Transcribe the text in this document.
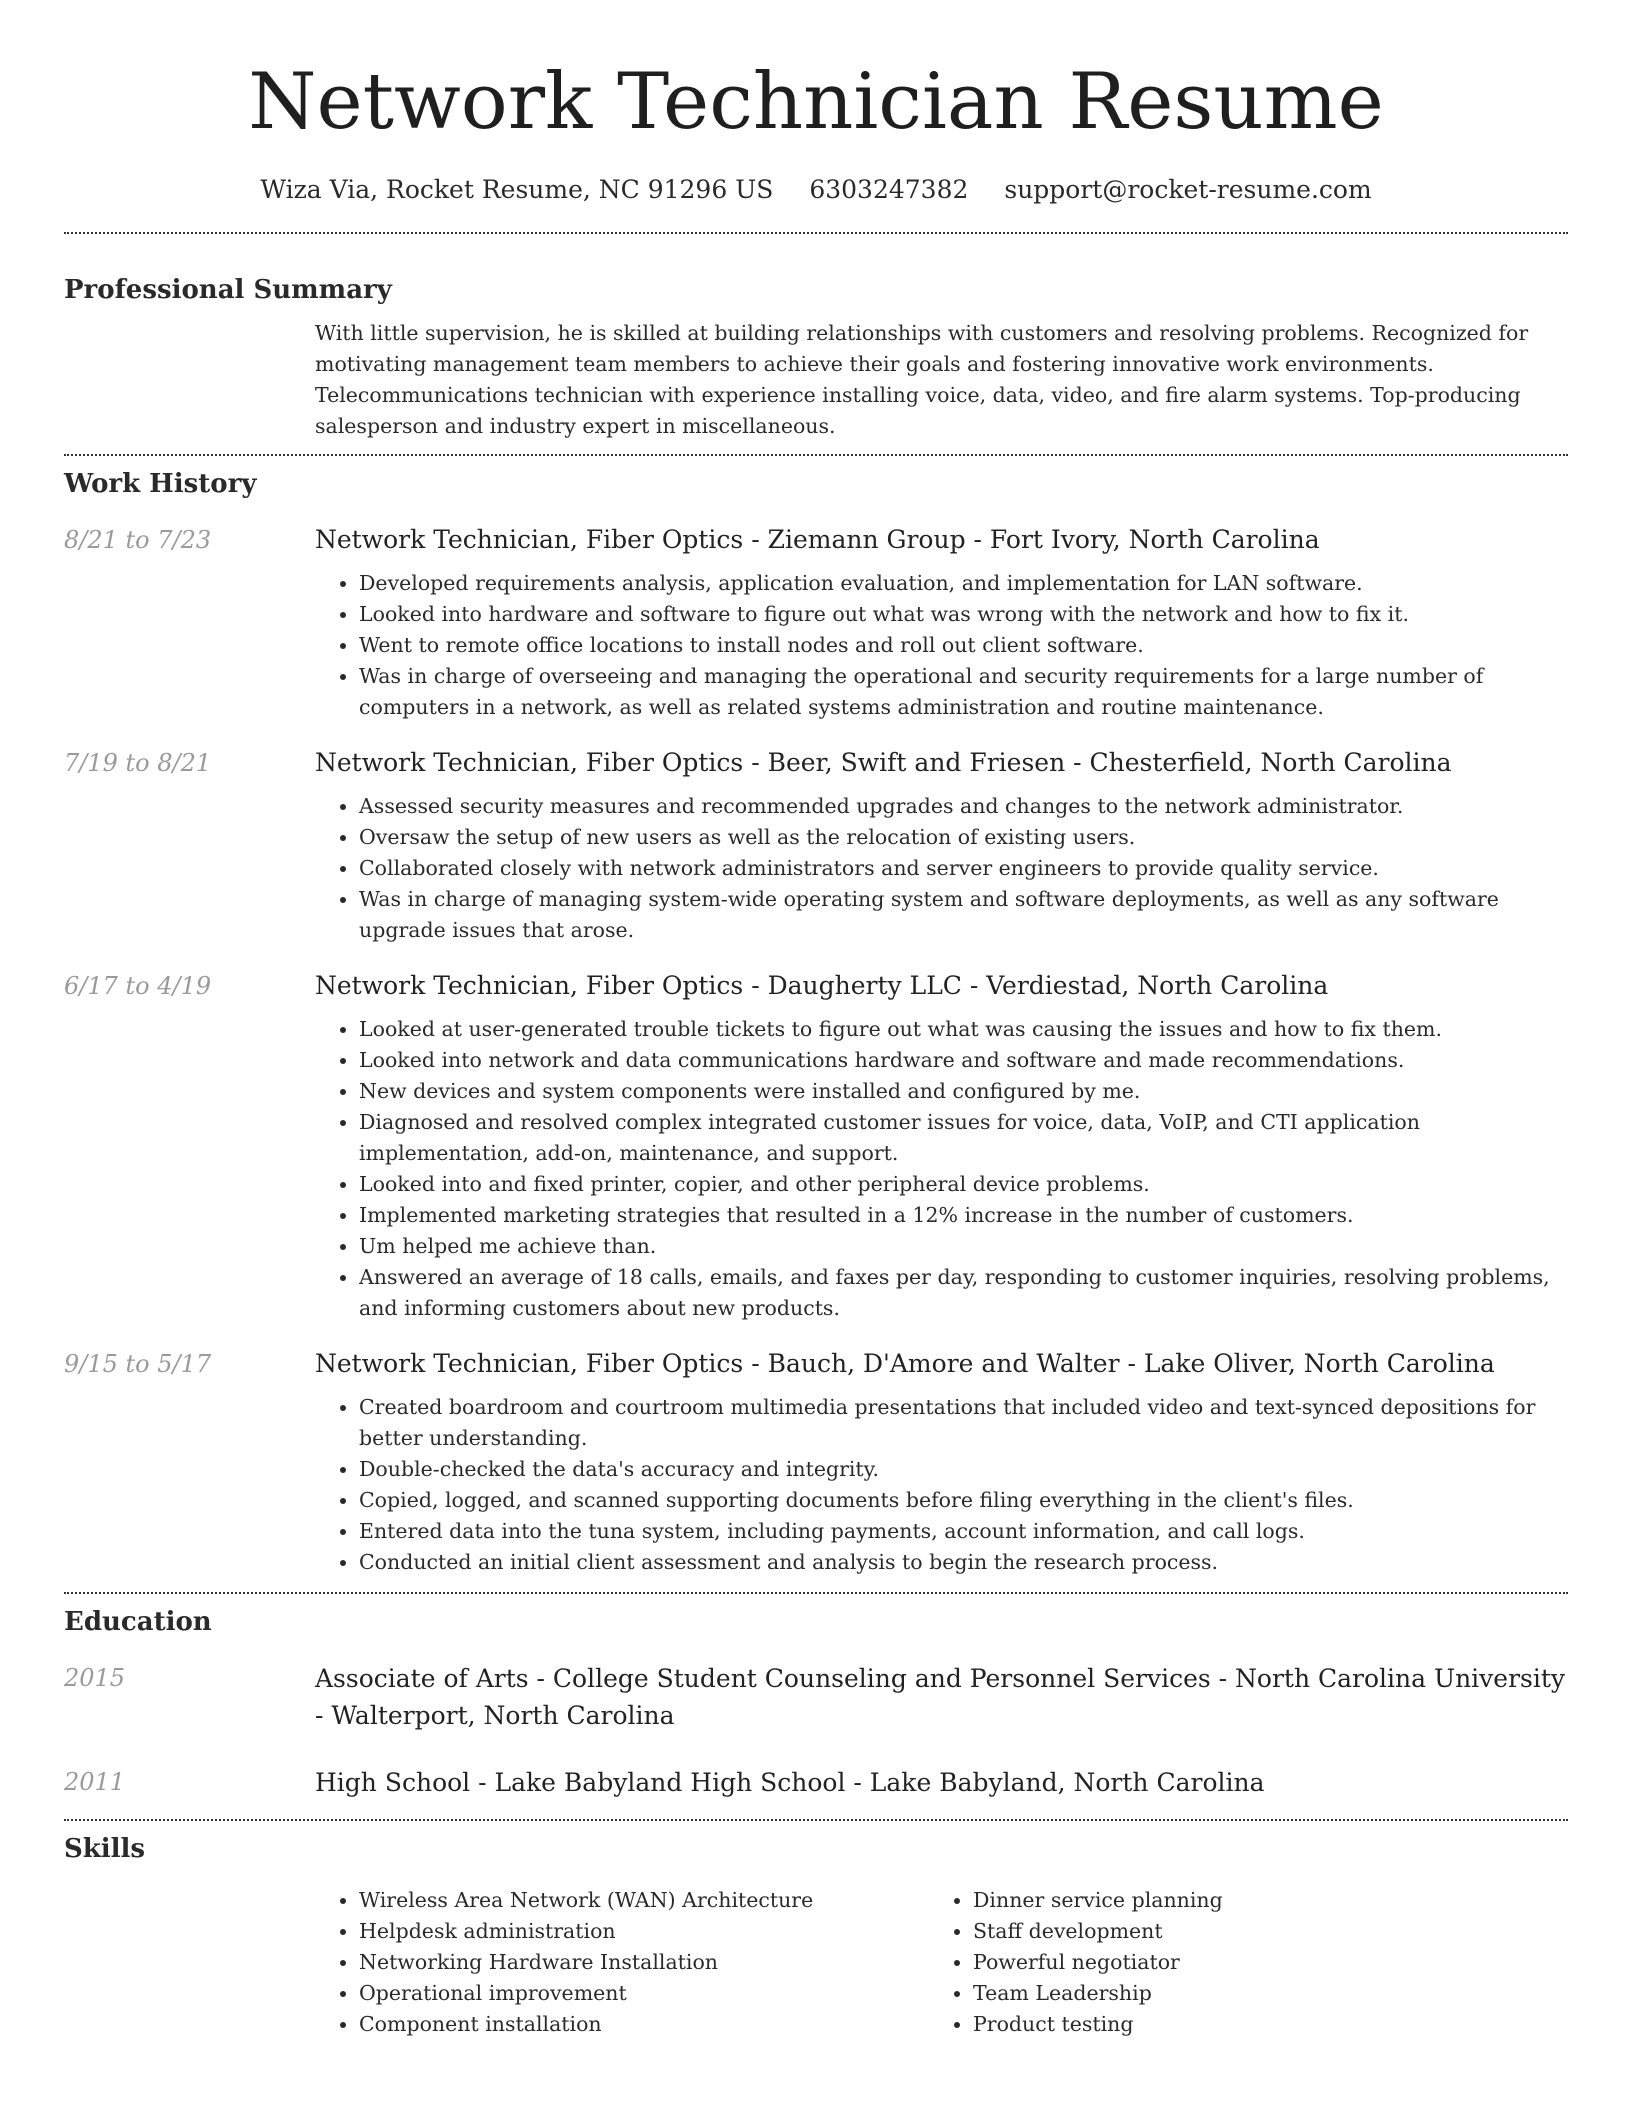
Network Technician Resume
Wiza Via, Rocket Resume, NC 91296 US 6303247382 support@rocket-resume.com
Professional Summary

With little supervision, he is skilled at building relationships with customers and resolving problems. Recognized for motivating management team members to achieve their goals and fostering innovative work environments. Telecommunications technician with experience installing voice, data, video, and fire alarm systems. Top-producing salesperson and industry expert in miscellaneous.

Work History
8/21 to 7/23	Network Technician, Fiber Optics - Ziemann Group - Fort Ivory, North Carolina

• Developed requirements analysis, application evaluation, and implementation for LAN software.
• Looked into hardware and software to figure out what was wrong with the network and how to fix it.
• Went to remote office locations to install nodes and roll out client software.
• Was in charge of overseeing and managing the operational and security requirements for a large number of computers in a network, as well as related systems administration and routine maintenance.
7/19 to 8/21	Network Technician, Fiber Optics - Beer, Swift and Friesen - Chesterfield, North Carolina

• Assessed security measures and recommended upgrades and changes to the network administrator.
• Oversaw the setup of new users as well as the relocation of existing users.
• Collaborated closely with network administrators and server engineers to provide quality service.
• Was in charge of managing system-wide operating system and software deployments, as well as any software upgrade issues that arose.
6/17 to 4/19	Network Technician, Fiber Optics - Daugherty LLC - Verdiestad, North Carolina

• Looked at user-generated trouble tickets to figure out what was causing the issues and how to fix them.
• Looked into network and data communications hardware and software and made recommendations.
• New devices and system components were installed and configured by me.
• Diagnosed and resolved complex integrated customer issues for voice, data, VoIP, and CTI application implementation, add-on, maintenance, and support.
• Looked into and fixed printer, copier, and other peripheral device problems.
• Implemented marketing strategies that resulted in a 12% increase in the number of customers.
• Um helped me achieve than.
• Answered an average of 18 calls, emails, and faxes per day, responding to customer inquiries, resolving problems, and informing customers about new products.
9/15 to 5/17	Network Technician, Fiber Optics - Bauch, D'Amore and Walter - Lake Oliver, North Carolina

• Created boardroom and courtroom multimedia presentations that included video and text-synced depositions for better understanding.
• Double-checked the data's accuracy and integrity.
• Copied, logged, and scanned supporting documents before filing everything in the client's files.
• Entered data into the tuna system, including payments, account information, and call logs.
• Conducted an initial client assessment and analysis to begin the research process.
Education
2015	Associate of Arts - College Student Counseling and Personnel Services - North Carolina University - Walterport, North Carolina

2011	High School - Lake Babyland High School - Lake Babyland, North Carolina

Skills
• Wireless Area Network (WAN) Architecture
• Helpdesk administration
• Networking Hardware Installation
• Operational improvement
• Component installation
• Dinner service planning
• Staff development
• Powerful negotiator
• Team Leadership
• Product testing
